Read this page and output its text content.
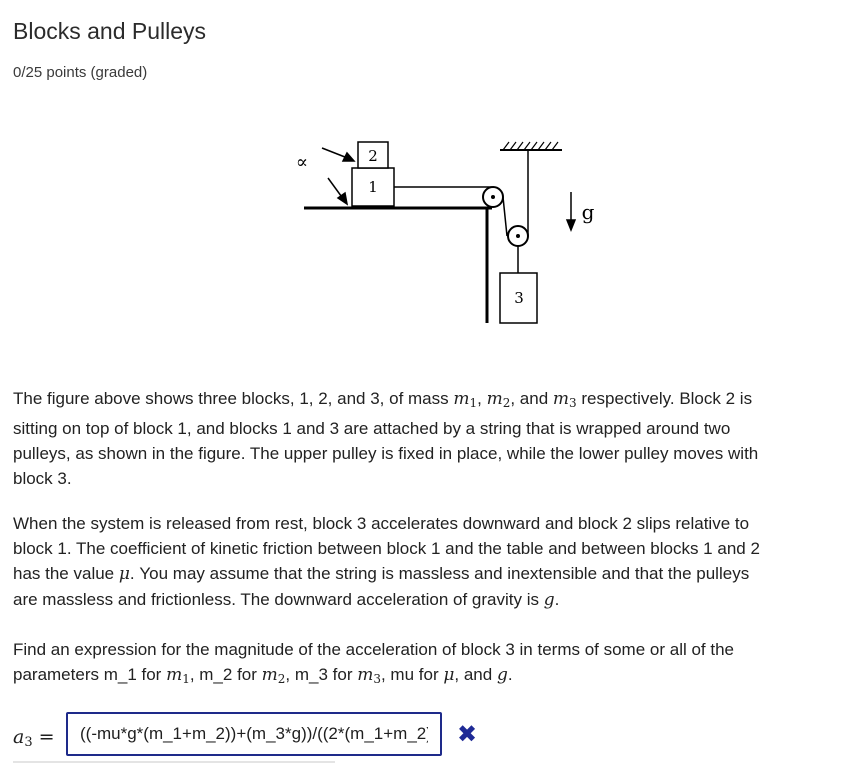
Blocks and Pulleys
0/25 points (graded)
1
2
3
∝
g
The figure above shows three blocks, 1, 2, and 3, of mass $m_1$, $m_2$, and $m_3$ respectively. Block 2 is
sitting on top of block 1, and blocks 1 and 3 are attached by a string that is wrapped around two
pulleys, as shown in the figure. The upper pulley is fixed in place, while the lower pulley moves with
block 3.
When the system is released from rest, block 3 accelerates downward and block 2 slips relative to
block 1. The coefficient of kinetic friction between block 1 and the table and between blocks 1 and 2
has the value μ. You may assume that the string is massless and inextensible and that the pulleys
are massless and frictionless. The downward acceleration of gravity is g.
Find an expression for the magnitude of the acceleration of block 3 in terms of some or all of the
parameters m_1 for $m_1$, m_2 for $m_2$, m_3 for $m_3$, mu for μ, and g.
$a_3$ =
((-mu*g*(m_1+m_2))+(m_3*g))/((2*(m_1+m_2))+(m_3/2))	✖
